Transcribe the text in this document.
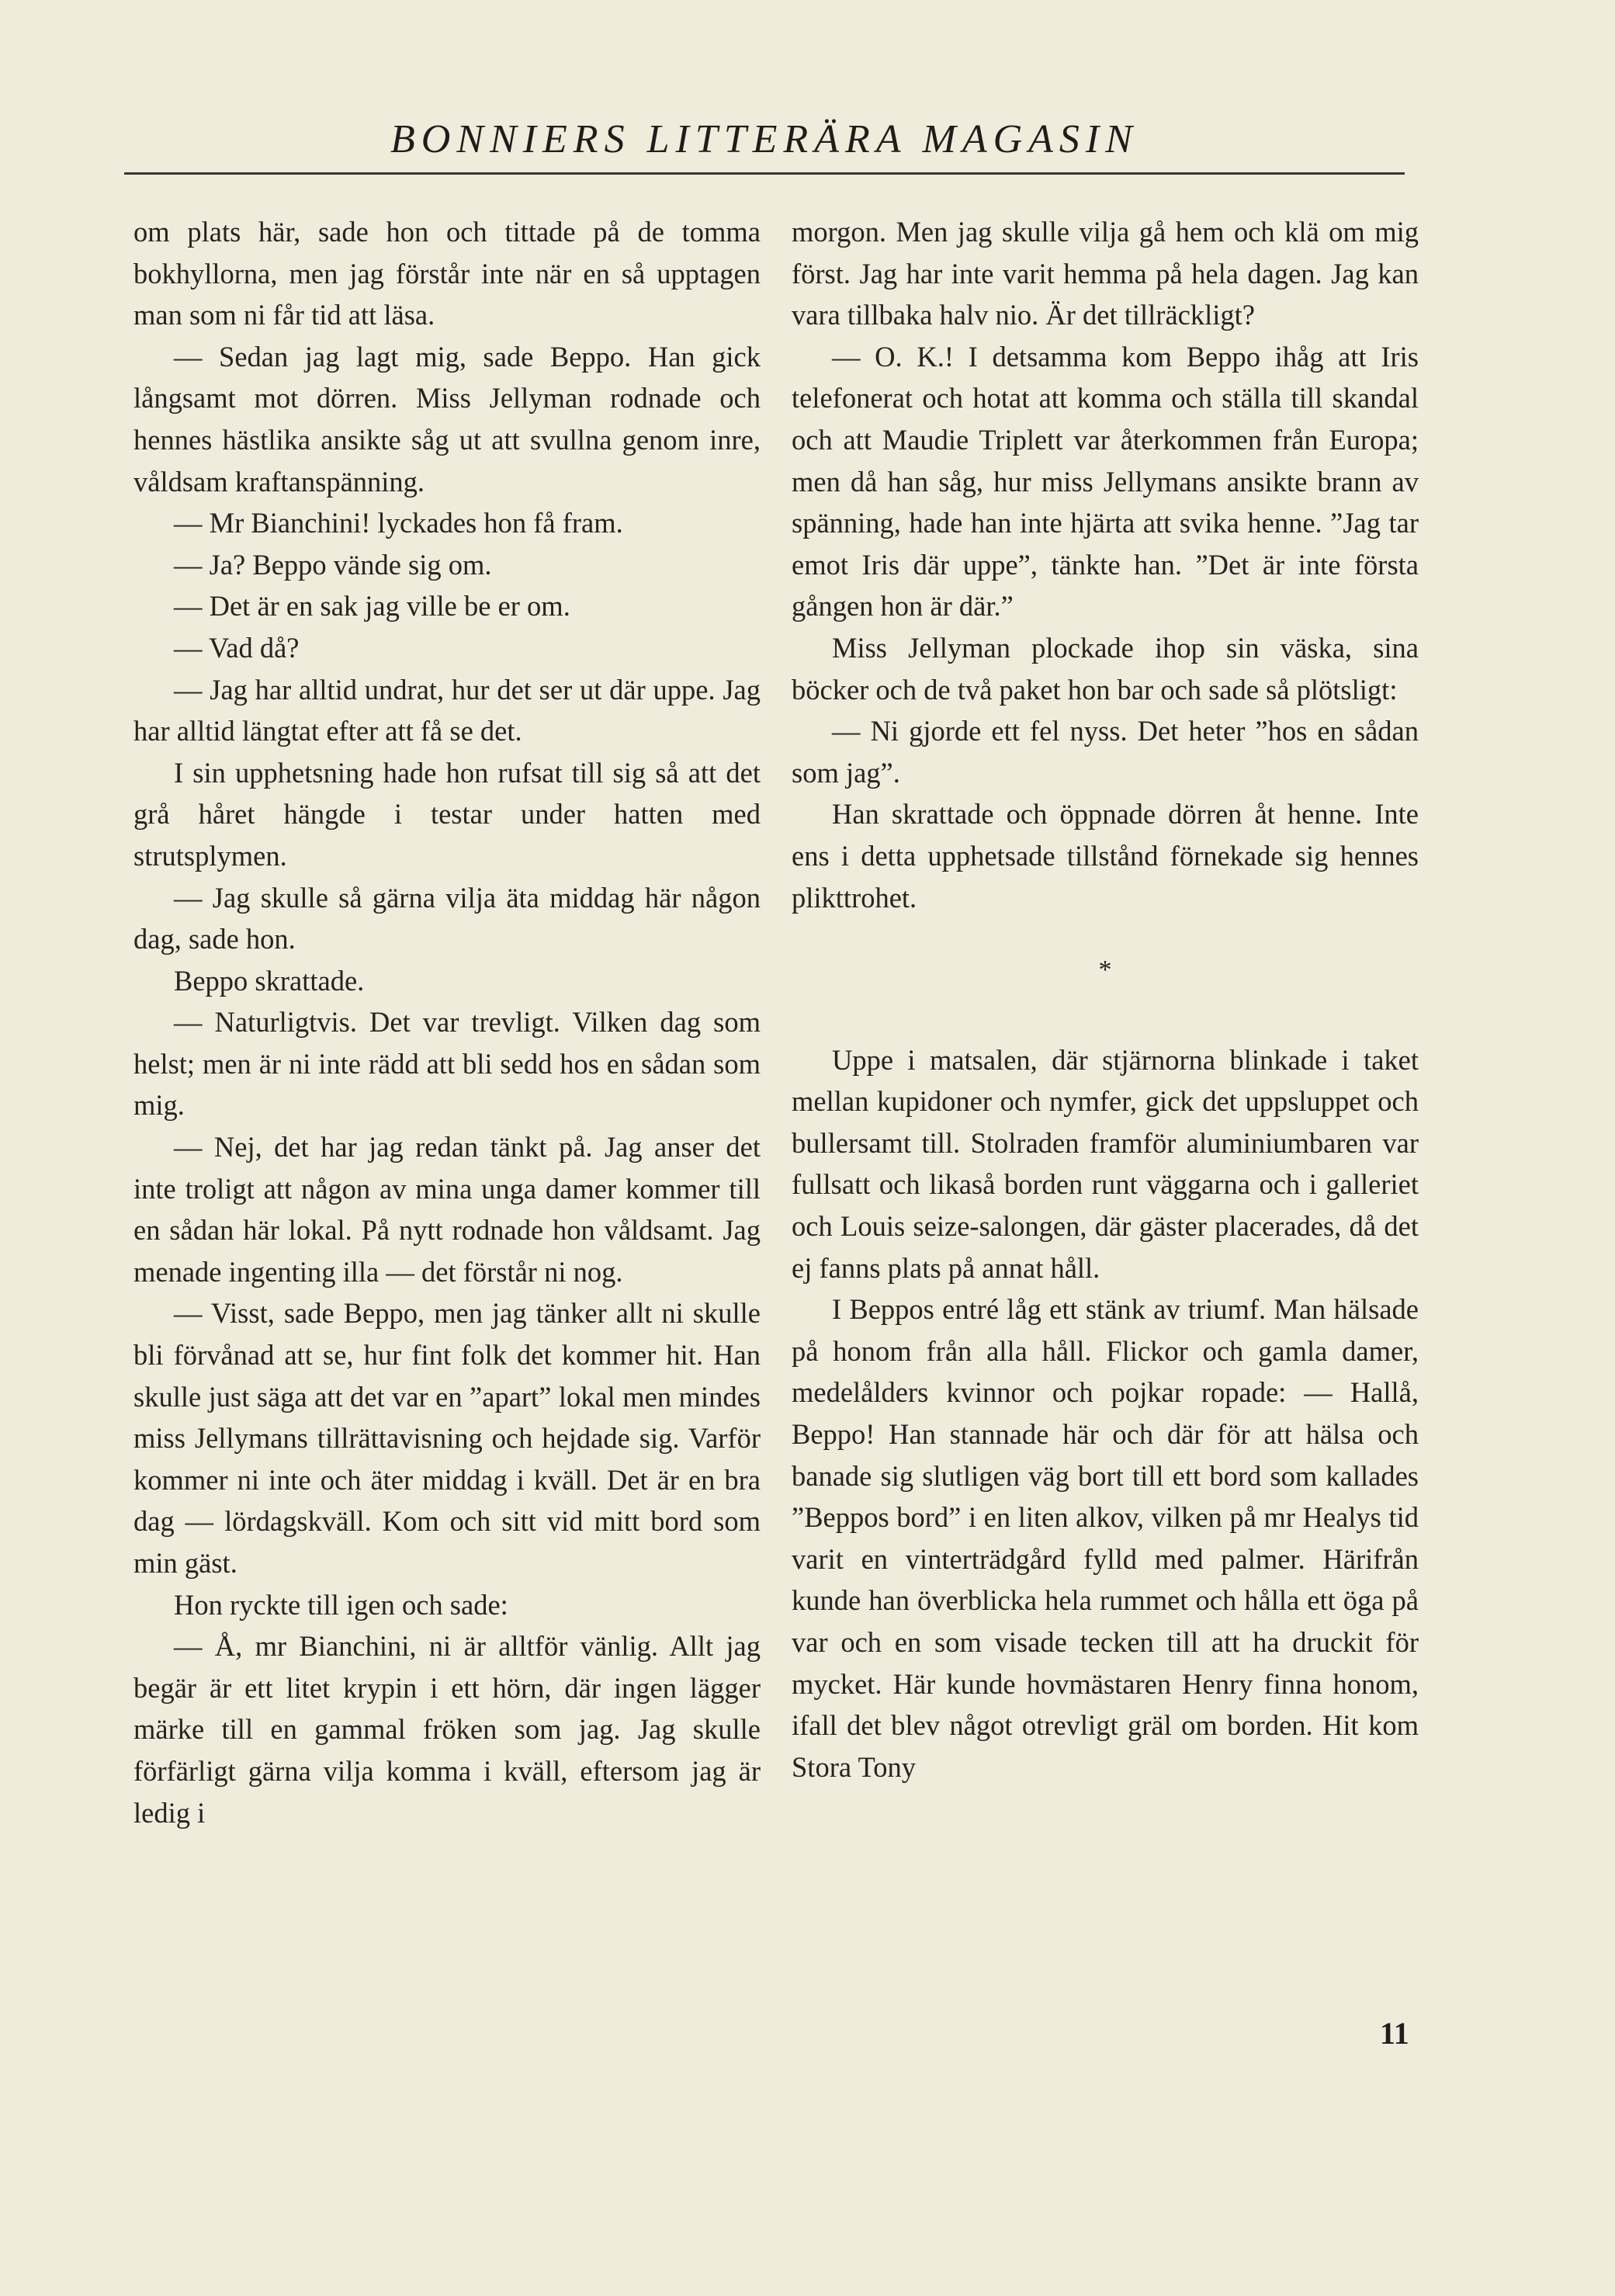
BONNIERS LITTERÄRA MAGASIN

om plats här, sade hon och tittade på de tomma bokhyllorna, men jag förstår inte när en så upptagen man som ni får tid att läsa.

— Sedan jag lagt mig, sade Beppo. Han gick långsamt mot dörren. Miss Jellyman rodnade och hennes hästlika ansikte såg ut att svullna genom inre, våldsam kraftanspänning.

— Mr Bianchini! lyckades hon få fram.

— Ja? Beppo vände sig om.

— Det är en sak jag ville be er om.

— Vad då?

— Jag har alltid undrat, hur det ser ut där uppe. Jag har alltid längtat efter att få se det.

I sin upphetsning hade hon rufsat till sig så att det grå håret hängde i testar under hatten med strutsplymen.

— Jag skulle så gärna vilja äta middag här någon dag, sade hon.

Beppo skrattade.

— Naturligtvis. Det var trevligt. Vilken dag som helst; men är ni inte rädd att bli sedd hos en sådan som mig.

— Nej, det har jag redan tänkt på. Jag anser det inte troligt att någon av mina unga damer kommer till en sådan här lokal. På nytt rodnade hon våldsamt. Jag menade ingenting illa — det förstår ni nog.

— Visst, sade Beppo, men jag tänker allt ni skulle bli förvånad att se, hur fint folk det kommer hit. Han skulle just säga att det var en ”apart” lokal men mindes miss Jellymans tillrättavisning och hejdade sig. Varför kommer ni inte och äter middag i kväll. Det är en bra dag — lördagskväll. Kom och sitt vid mitt bord som min gäst.

Hon ryckte till igen och sade:

— Å, mr Bianchini, ni är alltför vänlig. Allt jag begär är ett litet krypin i ett hörn, där ingen lägger märke till en gammal fröken som jag. Jag skulle förfärligt gärna vilja komma i kväll, eftersom jag är ledig i

morgon. Men jag skulle vilja gå hem och klä om mig först. Jag har inte varit hemma på hela dagen. Jag kan vara tillbaka halv nio. Är det tillräckligt?

— O. K.! I detsamma kom Beppo ihåg att Iris telefonerat och hotat att komma och ställa till skandal och att Maudie Triplett var återkommen från Europa; men då han såg, hur miss Jellymans ansikte brann av spänning, hade han inte hjärta att svika henne. ”Jag tar emot Iris där uppe”, tänkte han. ”Det är inte första gången hon är där.”

Miss Jellyman plockade ihop sin väska, sina böcker och de två paket hon bar och sade så plötsligt:

— Ni gjorde ett fel nyss. Det heter ”hos en sådan som jag”.

Han skrattade och öppnade dörren åt henne. Inte ens i detta upphetsade tillstånd förnekade sig hennes plikttrohet.

*

Uppe i matsalen, där stjärnorna blinkade i taket mellan kupidoner och nymfer, gick det uppsluppet och bullersamt till. Stolraden framför aluminiumbaren var fullsatt och likaså borden runt väggarna och i galleriet och Louis seize-salongen, där gäster placerades, då det ej fanns plats på annat håll.

I Beppos entré låg ett stänk av triumf. Man hälsade på honom från alla håll. Flickor och gamla damer, medelålders kvinnor och pojkar ropade: — Hallå, Beppo! Han stannade här och där för att hälsa och banade sig slutligen väg bort till ett bord som kallades ”Beppos bord” i en liten alkov, vilken på mr Healys tid varit en vinterträdgård fylld med palmer. Härifrån kunde han överblicka hela rummet och hålla ett öga på var och en som visade tecken till att ha druckit för mycket. Här kunde hovmästaren Henry finna honom, ifall det blev något otrevligt gräl om borden. Hit kom Stora Tony

11
